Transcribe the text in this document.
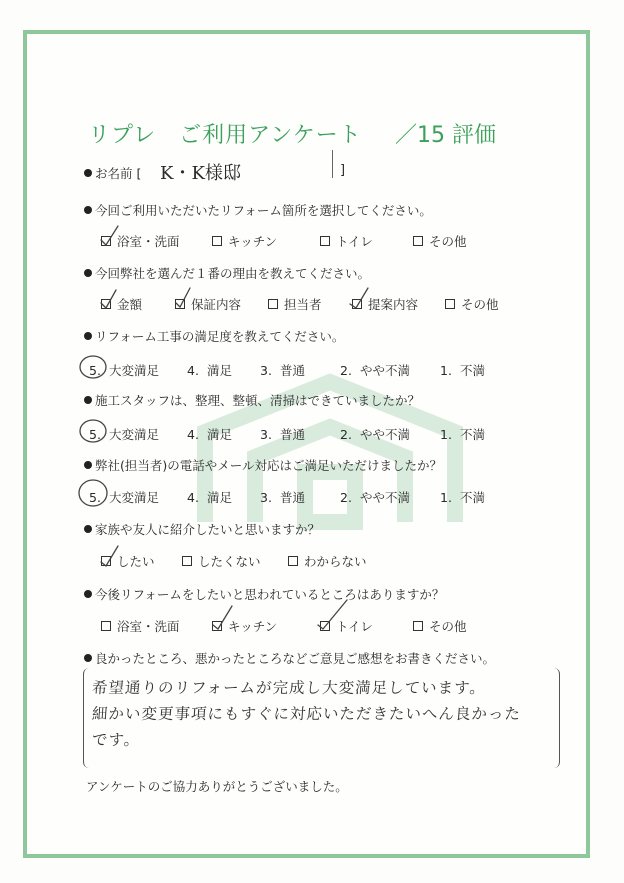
リプレ　ご利用アンケート ／15 評価
お名前 [ K・K様邸	]
今回ご利用いただいたリフォーム箇所を選択してください。
浴室・洗面	キッチン	トイレ	その他
今回弊社を選んだ１番の理由を教えてください。
金額	保証内容	担当者	提案内容	その他
リフォーム工事の満足度を教えてください。
5. 大変満足 4. 満足 3. 普通	2. やや不満 1. 不満
施工スタッフは、整理、整頓、清掃はできていましたか？
5. 大変満足 4. 満足 3. 普通	2. やや不満 1. 不満
弊社(担当者)の電話やメール対応はご満足いただけましたか？
5. 大変満足 4. 満足 3. 普通	2. やや不満 1. 不満
家族や友人に紹介したいと思いますか？
したい	したくない	わからない
今後リフォームをしたいと思われているところはありますか？
浴室・洗面	キッチン	トイレ	その他
良かったところ、悪かったところなどご意見ご感想をお書きください。
希望通りのリフォームが完成し大変満足しています。
細かい変更事項にもすぐに対応いただきたいへん良かった
です。
アンケートのご協力ありがとうございました。
